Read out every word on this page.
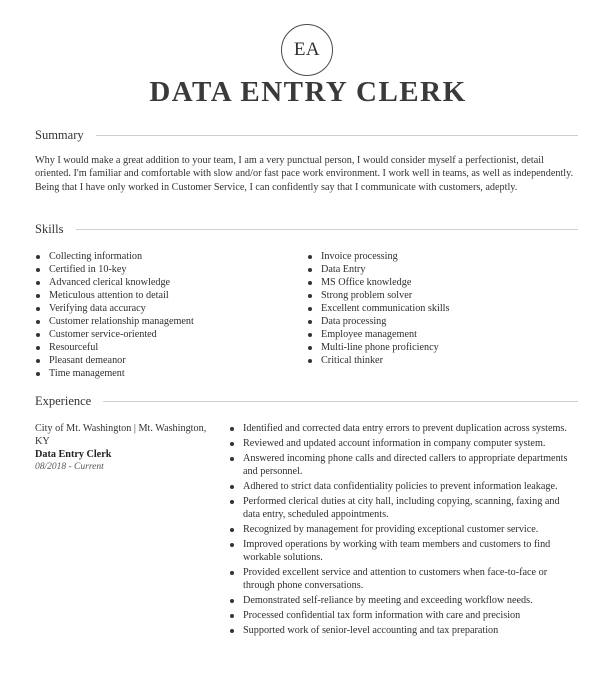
EA
DATA ENTRY CLERK
Summary
Why I would make a great addition to your team, I am a very punctual person, I would consider myself a perfectionist, detail oriented. I'm familiar and comfortable with slow and/or fast pace work environment. I work well in teams, as well as independently. Being that I have only worked in Customer Service, I can confidently say that I communicate with customers, adeptly.
Skills
Collecting information
Certified in 10-key
Advanced clerical knowledge
Meticulous attention to detail
Verifying data accuracy
Customer relationship management
Customer service-oriented
Resourceful
Pleasant demeanor
Time management
Invoice processing
Data Entry
MS Office knowledge
Strong problem solver
Excellent communication skills
Data processing
Employee management
Multi-line phone proficiency
Critical thinker
Experience
City of Mt. Washington | Mt. Washington, KY
Data Entry Clerk
08/2018 - Current
Identified and corrected data entry errors to prevent duplication across systems.
Reviewed and updated account information in company computer system.
Answered incoming phone calls and directed callers to appropriate departments and personnel.
Adhered to strict data confidentiality policies to prevent information leakage.
Performed clerical duties at city hall, including copying, scanning, faxing and data entry, scheduled appointments.
Recognized by management for providing exceptional customer service.
Improved operations by working with team members and customers to find workable solutions.
Provided excellent service and attention to customers when face-to-face or through phone conversations.
Demonstrated self-reliance by meeting and exceeding workflow needs.
Processed confidential tax form information with care and precision
Supported work of senior-level accounting and tax preparation
